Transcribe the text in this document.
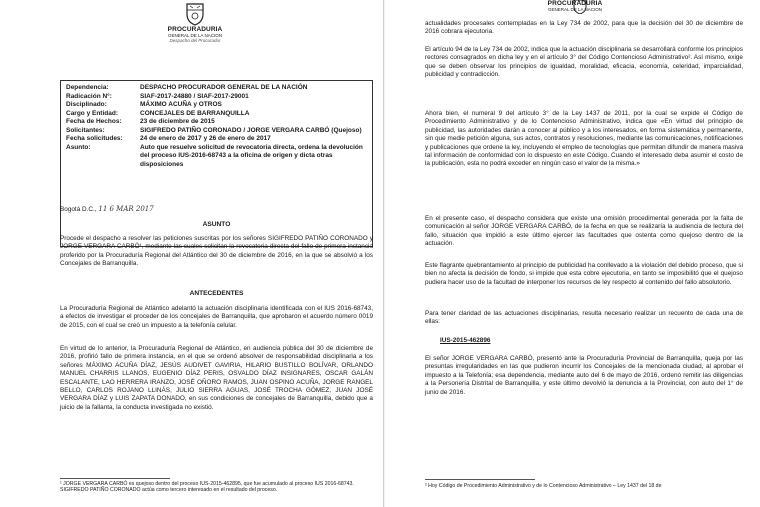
PROCURADURIA
GENERAL DE LA NACION
Despacho del Procurador
Dependencia:	DESPACHO PROCURADOR GENERAL DE LA NACIÓN
Radicación N°:	SIAF-2017-24880 / SIAF-2017-29001
Disciplinado:	MÁXIMO ACUÑA y OTROS
Cargo y Entidad:	CONCEJALES DE BARRANQUILLA
Fecha de Hechos:	23 de diciembre de 2015
Solicitantes:	SIGIFREDO PATIÑO CORONADO / JORGE VERGARA CARBÓ (Quejoso)
Fecha solicitudes:	24 de enero de 2017 y 26 de enero de 2017
Asunto:	Auto que resuelve solicitud de revocatoria directa, ordena la devolución del proceso IUS-2016-68743 a la oficina de origen y dicta otras disposiciones
Bogotá D.C., 11 6 MAR 2017
ASUNTO
Procede el despacho a resolver las peticiones suscritas por los señores SIGIFREDO PATIÑO CORONADO y JORGE VERGARA CARBÓ¹, mediante las cuales solicitan la revocatoria directa del fallo de primera instancia proferido por la Procuraduría Regional del Atlántico del 30 de diciembre de 2016, en la que se absolvió a los Concejales de Barranquilla.
ANTECEDENTES
La Procuraduría Regional de Atlántico adelantó la actuación disciplinaria identificada con el IUS 2016-68743, a efectos de investigar el proceder de los concejales de Barranquilla, que aprobaron el acuerdo número 0019 de 2015, con el cual se creó un impuesto a la telefonía celular.
En virtud de lo anterior, la Procuraduría Regional de Atlántico, en audiencia pública del 30 de diciembre de 2016, profirió fallo de primera instancia, en el que se ordenó absolver de responsabilidad disciplinaria a los señores MÁXIMO ACUÑA DÍAZ, JESÚS AUDIVET GAVIRIA, HILARIO BUSTILLO BOLÍVAR, ORLANDO MANUEL CHARRIS LLANOS, EUGENIO DÍAZ PERIS, OSVALDO DÍAZ INSIGNARES, OSCAR GALÁN ESCALANTE, LAO HERRERA IRANZO, JOSÉ OÑORO RAMOS, JUAN OSPINO ACUÑA, JORGE RANGEL BELLO, CARLOS ROJANO LLINÁS, JULIO SIERRA AGUAS, JOSÉ TROCHA GÓMEZ, JUAN JOSÉ VERGARA DÍAZ y LUIS ZAPATA DONADO, en sus condiciones de concejales de Barranquilla, debido que a juicio de la fallanta, la conducta investigada no existió.
¹ JORGE VERGARA CARBÓ es quejoso dentro del proceso IUS-2015-462895, que fue acumulado al proceso IUS 2016-68743.
SIGIFREDO PATIÑO CORONADO actúa como tercero interesado en el resultado del proceso.
PROCURADURIA
GENERAL DE LA NACION
actualidades procesales contempladas en la Ley 734 de 2002, para que la decisión del 30 de diciembre de 2016 cobrara ejecutoria.
El artículo 94 de la Ley 734 de 2002, indica que la actuación disciplinaria se desarrollará conforme los principios rectores consagrados en dicha ley y en el artículo 3° del Código Contencioso Administrativo². Así mismo, exige que se deben observar los principios de igualdad, moralidad, eficacia, economía, celeridad, imparcialidad, publicidad y contradicción.
Ahora bien, el numeral 9 del artículo 3° de la Ley 1437 de 2011, por la cual se expide el Código de Procedimiento Administrativo y de lo Contencioso Administrativo, indica que «En virtud del principio de publicidad, las autoridades darán a conocer al público y a los interesados, en forma sistemática y permanente, sin que medie petición alguna, sus actos, contratos y resoluciones, mediante las comunicaciones, notificaciones y publicaciones que ordene la ley, incluyendo el empleo de tecnologías que permitan difundir de manera masiva tal información de conformidad con lo dispuesto en este Código. Cuando el interesado deba asumir el costo de la publicación, esta no podrá exceder en ningún caso el valor de la misma.»
En el presente caso, el despacho considera que existe una omisión procedimental generada por la falta de comunicación al señor JORGE VERGARA CARBÓ, de la fecha en que se realizaría la audiencia de lectura del fallo, situación que impidió a este último ejercer las facultades que ostenta como quejoso dentro de la actuación.
Este flagrante quebrantamiento al principio de publicidad ha conllevado a la violación del debido proceso, que si bien no afecta la decisión de fondo, si impide que esta cobre ejecutoria, en tanto se imposibilitó que el quejoso pudiera hacer uso de la facultad de interponer los recursos de ley respecto al contenido del fallo absolutorio.
Para tener claridad de las actuaciones disciplinarias, resulta necesario realizar un recuento de cada una de ellas:
IUS-2015-462896
El señor JORGE VERGARA CARBÓ, presentó ante la Procuraduría Provincial de Barranquilla, queja por las presuntas irregularidades en las que pudieron incurrir los Concejales de la mencionada ciudad, al aprobar el impuesto a la Telefonía; esa dependencia, mediante auto del 6 de mayo de 2016, ordenó remitir las diligencias a la Personería Distrital de Barranquilla, y este último devolvió la denuncia a la Provincial, con auto del 1° de junio de 2016.
² Hoy Código de Procedimiento Administrativo y de lo Contencioso Administrativo – Ley 1437 del 18 de
